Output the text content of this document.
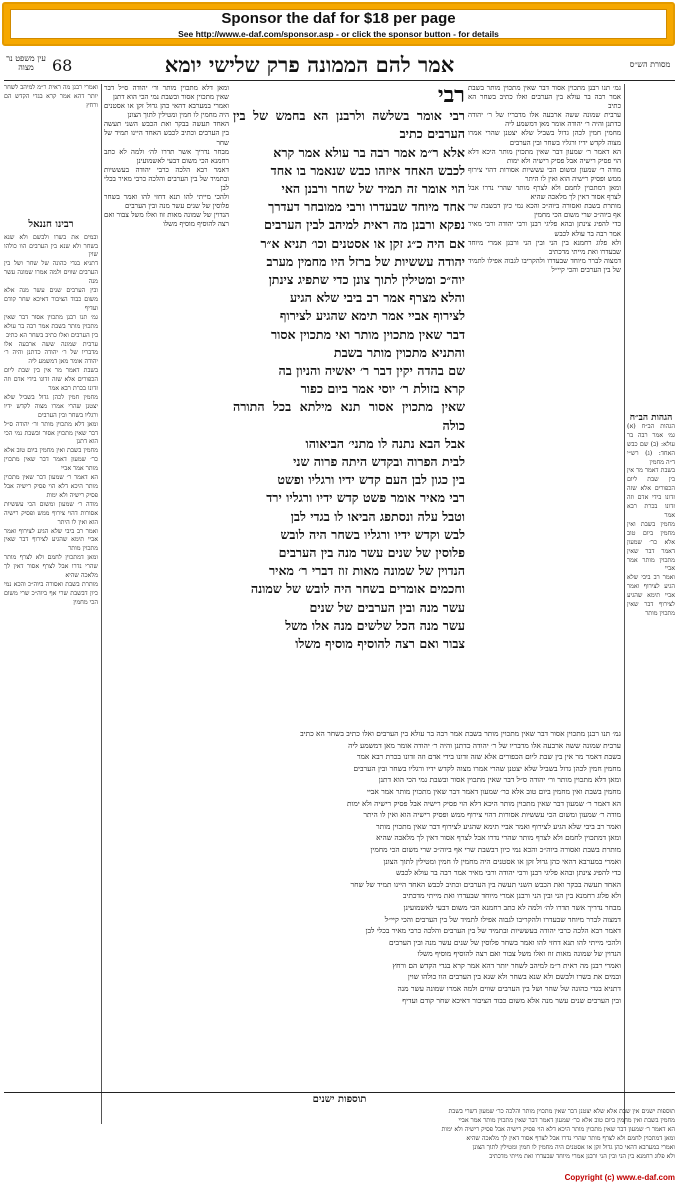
Sponsor the daf for $18 per page
See http://www.e-daf.com/sponsor.asp - or click the sponsor button - for details
מסורת הש״ס
אמר להם הממונה פרק שלישי יומא
68
עין משפט נר מצוה
הגהות הב״ח

הגהות הב״ח (א) גמ׳ אמר רבה בר עולא: (ב) שם כבש האחד: (ג) רש״י ד״ה מחמין

בשבת דאמר מר אין בין שבת ליום הכפורים אלא שזה זדונו בידי אדם וזה זדונו בכרת רבא אמר

מחמין בשבת ואין מחמין ביום טוב אלא כר׳ שמעון דאמר דבר שאין מתכוין מותר אמר אביי

ואמר רב ביבי שלא הגיע לצירוף ואמר אביי תימא שהגיע לצירוף דבר שאין מתכוין מותר

גמ׳ תנו רבנן מתכוין אסור דבר שאין מתכוין מותר בשבת אמר רבה בר עולא בין הערבים ואלו כתיב בשחר הא כתיב

ערבית שמונה ששה ארבעה אלו מדבריו של ר׳ יהודה כדתנן והיה ר׳ יהודה אומר מאן דמשמע ליה

מחמין חמין לכהן גדול בשביל שלא יצטנן שהרי אמרו מצוה לקדש ידיו ורגליו בשחר ובין הערבים

הא דאמר ר׳ שמעון דבר שאין מתכוין מותר היכא דלא הוי פסיק רישיה אבל פסיק רישיה ולא ימות

מודה ר׳ שמעון ומשום הכי עששיות אסורות דהוי צירוף ממש ופסיק רישיה הוא ואין לו היתר

ומאן דמתכוין לחמם ולא לצרף מותר שהרי נדרו אבל לצרף אסור דאין לך מלאכה שהיא

מותרת בשבת ואסורה ביוה״כ והכא נמי כיון דבשבת שרי אף ביוה״כ שרי משום הכי מחמין

כדי להפיג צינתן ובהא פליגי רבנן ורבי יהודה ורבי מאיר אמר רבה בר עולא לכבש

ולא פלוג רחמנא בין הני ובין הני ורבנן אמרי מיוחד שבעדרו ואת מייתי מדכתיב

דמצוה לברר מיוחד שבעדרו ולהקריבו לגבוה אפילו לתמיד של בין הערבים והכי קיי״ל

רבי

רבי אומר בשלשה ולרבנן הא בחמש של בין הערבים כתיב

אלא ר״מ אמר רבה בר עולא אמר קרא

לכבש האחד איזהו כבש שנאמר בו אחד

הוי אומר זה תמיד של שחר ורבנן האי

אחד מיוחד שבעדרו ורבי ממובחר דעדרך

נפקא ורבנן מה ראית למיהב לבין הערבים

אם היה כ״ג זקן או אסטנים וכו׳ תניא א״ר

יהודה עששיות של ברזל היו מחמין מערב

יוה״כ ומטילין לתוך צונן כדי שתפיג צינתן

והלא מצרף אמר רב ביבי שלא הגיע

לצירוף אביי אמר תימא שהגיע לצירוף

דבר שאין מתכוין מותר ואי מתכוין אסור

והתניא מתכוין מותר בשבת

שם בהדה יקין דבר ר׳ יאשיה והניון בה

קרא בזולת ר׳ יוסי אמר ביום כפור

שאין מתכוין אסור תנא מילתא בכל התורה כולה

אבל הבא נתנה לו מתני׳ הביאוהו

לבית הפרוה ובקדש היתה פרוה שני

בין כגון לבן העם קדש ידיו ורגליו ופשט

רבי מאיר אומר פשט קדש ידיו ורגליו ירד

וטבל עלה ונסתפג הביאו לו בגדי לבן

לבש וקדש ידיו ורגליו בשחר היה לובש

פלוסין של שנים עשר מנה בין הערבים

הנדוין של שמונה מאות זוז דברי ר׳ מאיר

וחכמים אומרים בשחר היה לובש של שמונה

עשר מנה ובין הערבים של שנים

עשר מנה הכל שלשים מנה אלו משל

צבור ואם רצה להוסיף מוסיף משלו

ומאן דלא מתכוין מותר ור׳ יהודה ס״ל דבר שאין מתכוין אסור ובשבת נמי הכי הוא דתנן

ואמרי במערבא דהאי כהן גדול זקן או אסטנים היה מחמין לו חמין ומטילין לתוך הצונן

האחד תעשה בבקר ואת הכבש השני תעשה בין הערבים וכתיב לכבש האחד היינו תמיד של שחר

מבחר נדריך אשר תדרו לה׳ ולמה לא כתב רחמנא הכי משום דבעי לאשמועינן

דאמר רבא הלכה כרבי יהודה בעששיות ובתמיד של בין הערבים והלכה כרבי מאיר בכלי לבן

ולהכי מייתי להו תנא דחזי להו ואמר בשחר פלוסין של שנים עשר מנה ובין הערבים

הנדוין של שמונה מאות זוז ואלו משל צבור ואם רצה להוסיף מוסיף משלו

ואמרי רבנן מה ראית ר״מ למיהב לשחר יותר דהא אמר קרא בגדי הקדש הם ורחץ

רבינו חננאל

ובמים את בשרו ולבשם ולא שנא בשחר ולא שנא בין הערבים הוו כולהו שוין

דתניא בגדי כהונה של שחר ושל בין הערבים שווים ולמה אמרו שמונה עשר מנה

ובין הערבים שנים עשר מנה אלא משום כבוד הציבור דאיכא שחר קודם ועדיף

גמ׳ תנו רבנן מתכוין אסור דבר שאין מתכוין מותר בשבת אמר רבה בר עולא בין הערבים ואלו כתיב בשחר הא כתיב

ערבית שמונה ששה ארבעה אלו מדבריו של ר׳ יהודה כדתנן והיה ר׳ יהודה אומר מאן דמשמע ליה

בשבת דאמר מר אין בין שבת ליום הכפורים אלא שזה זדונו בידי אדם וזה זדונו בכרת רבא אמר

מחמין חמין לכהן גדול בשביל שלא יצטנן שהרי אמרו מצוה לקדש ידיו ורגליו בשחר ובין הערבים

ומאן דלא מתכוין מותר ור׳ יהודה ס״ל דבר שאין מתכוין אסור ובשבת נמי הכי הוא דתנן

מחמין בשבת ואין מחמין ביום טוב אלא כר׳ שמעון דאמר דבר שאין מתכוין מותר אמר אביי

הא דאמר ר׳ שמעון דבר שאין מתכוין מותר היכא דלא הוי פסיק רישיה אבל פסיק רישיה ולא ימות

מודה ר׳ שמעון ומשום הכי עששיות אסורות דהוי צירוף ממש ופסיק רישיה הוא ואין לו היתר

ואמר רב ביבי שלא הגיע לצירוף ואמר אביי תימא שהגיע לצירוף דבר שאין מתכוין מותר

ומאן דמתכוין לחמם ולא לצרף מותר שהרי נדרו אבל לצרף אסור דאין לך מלאכה שהיא

מותרת בשבת ואסורה ביוה״כ והכא נמי כיון דבשבת שרי אף ביוה״כ שרי משום הכי מחמין

גמ׳ תנו רבנן מתכוין אסור דבר שאין מתכוין מותר בשבת אמר רבה בר עולא בין הערבים ואלו כתיב בשחר הא כתיב

ערבית שמונה ששה ארבעה אלו מדבריו של ר׳ יהודה כדתנן והיה ר׳ יהודה אומר מאן דמשמע ליה

בשבת דאמר מר אין בין שבת ליום הכפורים אלא שזה זדונו בידי אדם וזה זדונו בכרת רבא אמר

מחמין חמין לכהן גדול בשביל שלא יצטנן שהרי אמרו מצוה לקדש ידיו ורגליו בשחר ובין הערבים

ומאן דלא מתכוין מותר ור׳ יהודה ס״ל דבר שאין מתכוין אסור ובשבת נמי הכי הוא דתנן

מחמין בשבת ואין מחמין ביום טוב אלא כר׳ שמעון דאמר דבר שאין מתכוין מותר אמר אביי

הא דאמר ר׳ שמעון דבר שאין מתכוין מותר היכא דלא הוי פסיק רישיה אבל פסיק רישיה ולא ימות

מודה ר׳ שמעון ומשום הכי עששיות אסורות דהוי צירוף ממש ופסיק רישיה הוא ואין לו היתר

ואמר רב ביבי שלא הגיע לצירוף ואמר אביי תימא שהגיע לצירוף דבר שאין מתכוין מותר

ומאן דמתכוין לחמם ולא לצרף מותר שהרי נדרו אבל לצרף אסור דאין לך מלאכה שהיא

מותרת בשבת ואסורה ביוה״כ והכא נמי כיון דבשבת שרי אף ביוה״כ שרי משום הכי מחמין

ואמרי במערבא דהאי כהן גדול זקן או אסטנים היה מחמין לו חמין ומטילין לתוך הצונן

כדי להפיג צינתן ובהא פליגי רבנן ורבי יהודה ורבי מאיר אמר רבה בר עולא לכבש

האחד תעשה בבקר ואת הכבש השני תעשה בין הערבים וכתיב לכבש האחד היינו תמיד של שחר

ולא פלוג רחמנא בין הני ובין הני ורבנן אמרי מיוחד שבעדרו ואת מייתי מדכתיב

מבחר נדריך אשר תדרו לה׳ ולמה לא כתב רחמנא הכי משום דבעי לאשמועינן

דמצוה לברר מיוחד שבעדרו ולהקריבו לגבוה אפילו לתמיד של בין הערבים והכי קיי״ל

דאמר רבא הלכה כרבי יהודה בעששיות ובתמיד של בין הערבים והלכה כרבי מאיר בכלי לבן

ולהכי מייתי להו תנא דחזי להו ואמר בשחר פלוסין של שנים עשר מנה ובין הערבים

הנדוין של שמונה מאות זוז ואלו משל צבור ואם רצה להוסיף מוסיף משלו

ואמרי רבנן מה ראית ר״מ למיהב לשחר יותר דהא אמר קרא בגדי הקדש הם ורחץ

ובמים את בשרו ולבשם ולא שנא בשחר ולא שנא בין הערבים הוו כולהו שוין

דתניא בגדי כהונה של שחר ושל בין הערבים שווים ולמה אמרו שמונה עשר מנה

ובין הערבים שנים עשר מנה אלא משום כבוד הציבור דאיכא שחר קודם ועדיף

תוספות ישנים

תוספות ישנים אין שבת אלא שלא יצטנן דבר שאין מתכוין מותר והלכה כר׳ שמעון דשרי בשבת

מחמין בשבת ואין מחמין ביום טוב אלא כר׳ שמעון דאמר דבר שאין מתכוין מותר אמר אביי

הא דאמר ר׳ שמעון דבר שאין מתכוין מותר היכא דלא הוי פסיק רישיה אבל פסיק רישיה ולא ימות

ומאן דמתכוין לחמם ולא לצרף מותר שהרי נדרו אבל לצרף אסור דאין לך מלאכה שהיא

ואמרי במערבא דהאי כהן גדול זקן או אסטנים היה מחמין לו חמין ומטילין לתוך הצונן

ולא פלוג רחמנא בין הני ובין הני ורבנן אמרי מיוחד שבעדרו ואת מייתי מדכתיב

Copyright (c) www.e-daf.com
